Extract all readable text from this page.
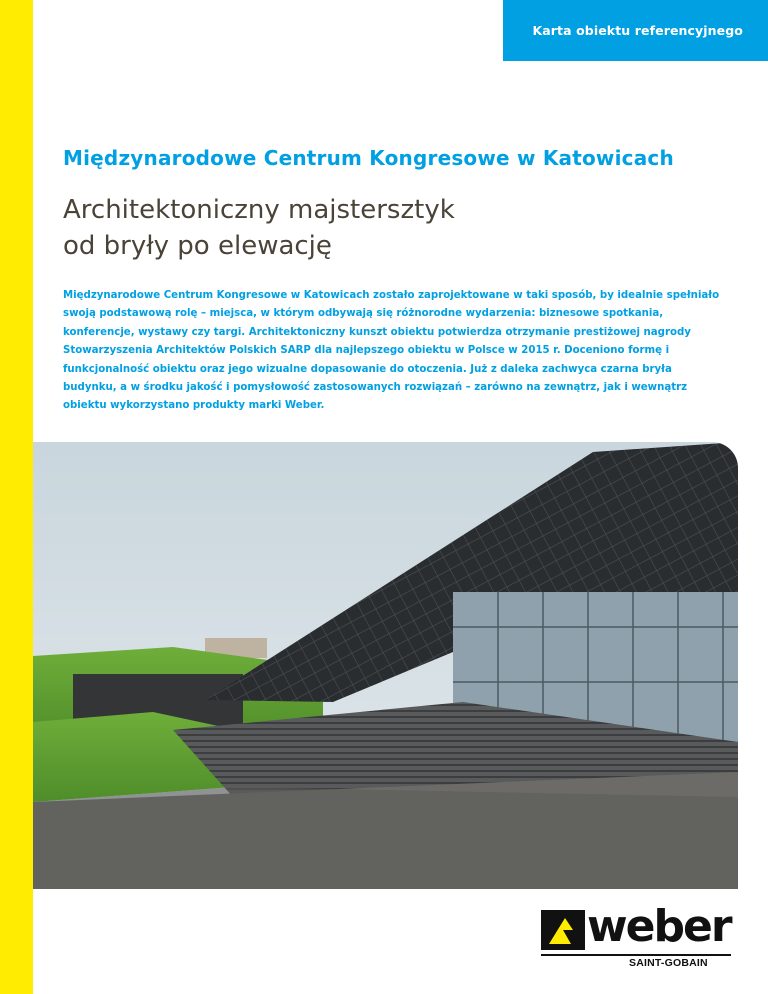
Karta obiektu referencyjnego
Międzynarodowe Centrum Kongresowe w Katowicach
Architektoniczny majstersztyk
od bryły po elewację

Międzynarodowe Centrum Kongresowe w Katowicach zostało zaprojektowane w taki sposób, by idealnie spełniało swoją podstawową rolę – miejsca, w którym odbywają się różnorodne wydarzenia: biznesowe spotkania, konferencje, wystawy czy targi. Architektoniczny kunszt obiektu potwierdza otrzymanie prestiżowej nagrody Stowarzyszenia Architektów Polskich SARP dla najlepszego obiektu w Polsce w 2015 r. Doceniono formę i funkcjonalność obiektu oraz jego wizualne dopasowanie do otoczenia. Już z daleka zachwyca czarna bryła budynku, a w środku jakość i pomysłowość zastosowanych rozwiązań – zarówno na zewnątrz, jak i wewnątrz obiektu wykorzystano produkty marki Weber.

weber
SAINT-GOBAIN
